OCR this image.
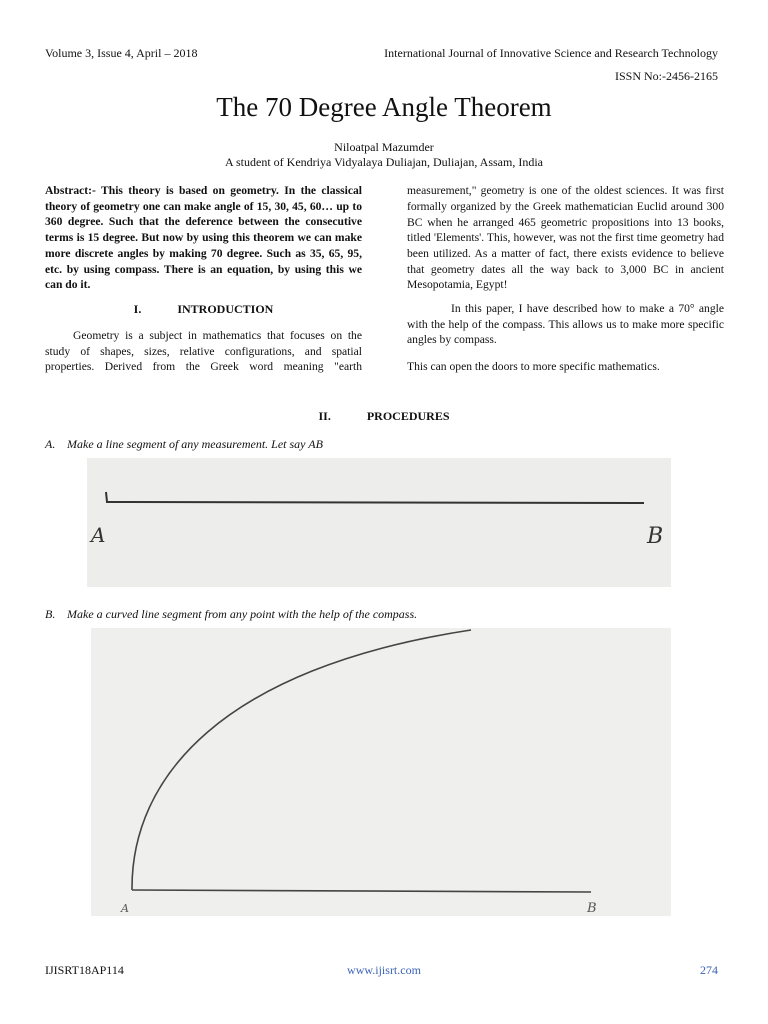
Volume 3, Issue 4, April – 2018	International Journal of Innovative Science and Research Technology
ISSN No:-2456-2165
The 70 Degree Angle Theorem
Niloatpal Mazumder
A student of Kendriya Vidyalaya Duliajan, Duliajan, Assam, India
Abstract:- This theory is based on geometry. In the classical theory of geometry one can make angle of 15, 30, 45, 60… up to 360 degree. Such that the deference between the consecutive terms is 15 degree. But now by using this theorem we can make more discrete angles by making 70 degree. Such as 35, 65, 95, etc. by using compass. There is an equation, by using this we can do it.
I.	INTRODUCTION
Geometry is a subject in mathematics that focuses on the study of shapes, sizes, relative configurations, and spatial properties. Derived from the Greek word meaning "earth
measurement," geometry is one of the oldest sciences. It was first formally organized by the Greek mathematician Euclid around 300 BC when he arranged 465 geometric propositions into 13 books, titled 'Elements'. This, however, was not the first time geometry had been utilized. As a matter of fact, there exists evidence to believe that geometry dates all the way back to 3,000 BC in ancient Mesopotamia, Egypt!
In this paper, I have described how to make a 70° angle with the help of the compass. This allows us to make more specific angles by compass.
This can open the doors to more specific mathematics.
II.	PROCEDURES
A. Make a line segment of any measurement. Let say AB
A	B
B. Make a curved line segment from any point with the help of the compass.
A	B
IJISRT18AP114	www.ijisrt.com	274
